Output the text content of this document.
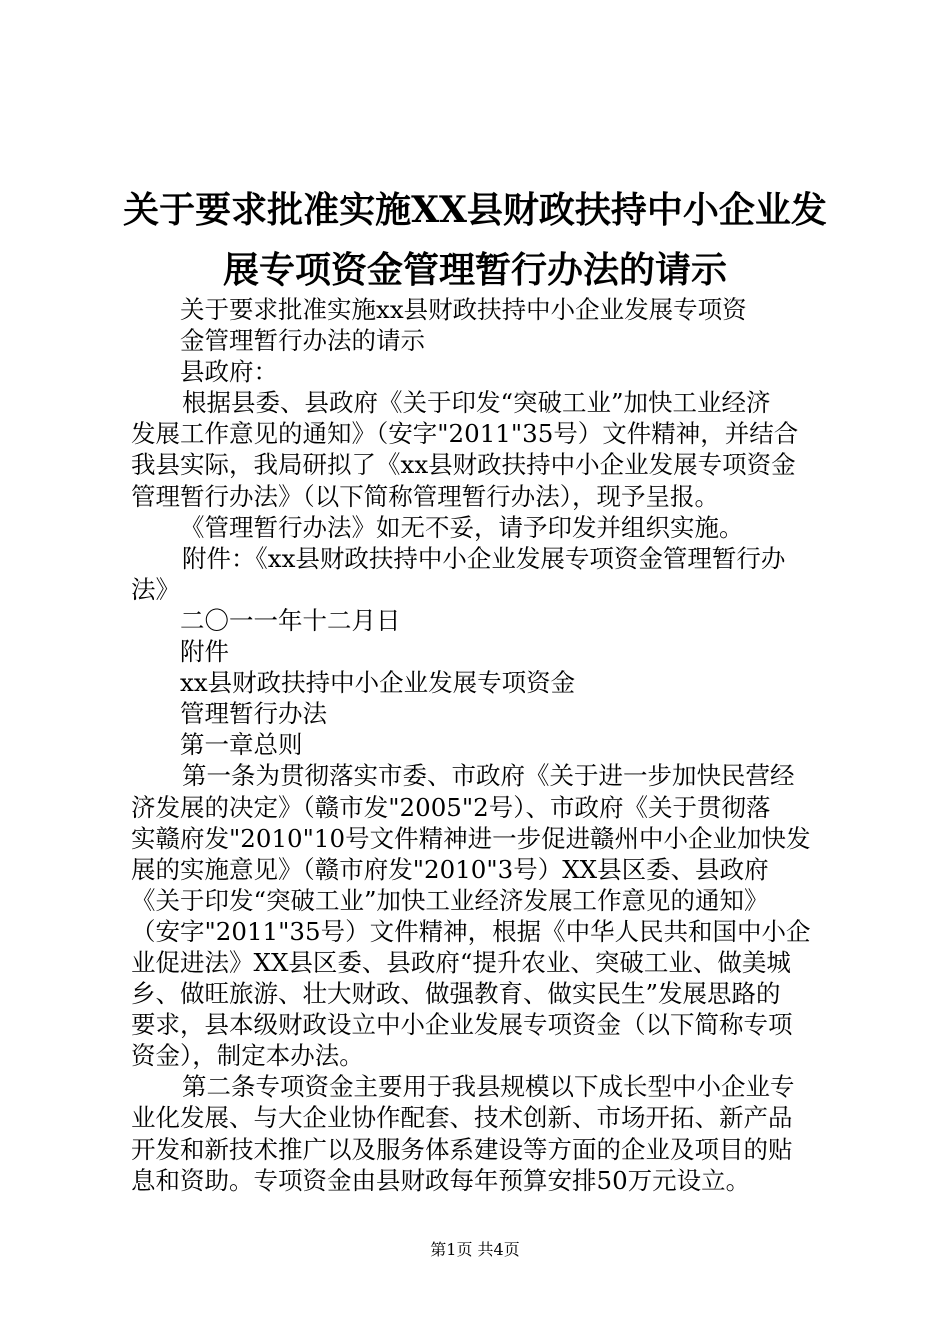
关于要求批准实施XX县财政扶持中小企业发
展专项资金管理暂行办法的请示
关于要求批准实施xx县财政扶持中小企业发展专项资
金管理暂行办法的请示
县政府：
根据县委、县政府《关于印发“突破工业”加快工业经济
发展工作意见的通知》（安字"2011"35号）文件精神，并结合
我县实际，我局研拟了《xx县财政扶持中小企业发展专项资金
管理暂行办法》（以下简称管理暂行办法），现予呈报。
《管理暂行办法》如无不妥，请予印发并组织实施。
附件：《xx县财政扶持中小企业发展专项资金管理暂行办
法》
二〇一一年十二月日
附件
xx县财政扶持中小企业发展专项资金
管理暂行办法
第一章总则
第一条为贯彻落实市委、市政府《关于进一步加快民营经
济发展的决定》（赣市发"2005"2号）、市政府《关于贯彻落
实赣府发"2010"10号文件精神进一步促进赣州中小企业加快发
展的实施意见》（赣市府发"2010"3号）XX县区委、县政府
《关于印发“突破工业”加快工业经济发展工作意见的通知》
（安字"2011"35号）文件精神，根据《中华人民共和国中小企
业促进法》XX县区委、县政府“提升农业、突破工业、做美城
乡、做旺旅游、壮大财政、做强教育、做实民生”发展思路的
要求，县本级财政设立中小企业发展专项资金（以下简称专项
资金），制定本办法。
第二条专项资金主要用于我县规模以下成长型中小企业专
业化发展、与大企业协作配套、技术创新、市场开拓、新产品
开发和新技术推广以及服务体系建设等方面的企业及项目的贴
息和资助。专项资金由县财政每年预算安排50万元设立。
第1页 共4页
